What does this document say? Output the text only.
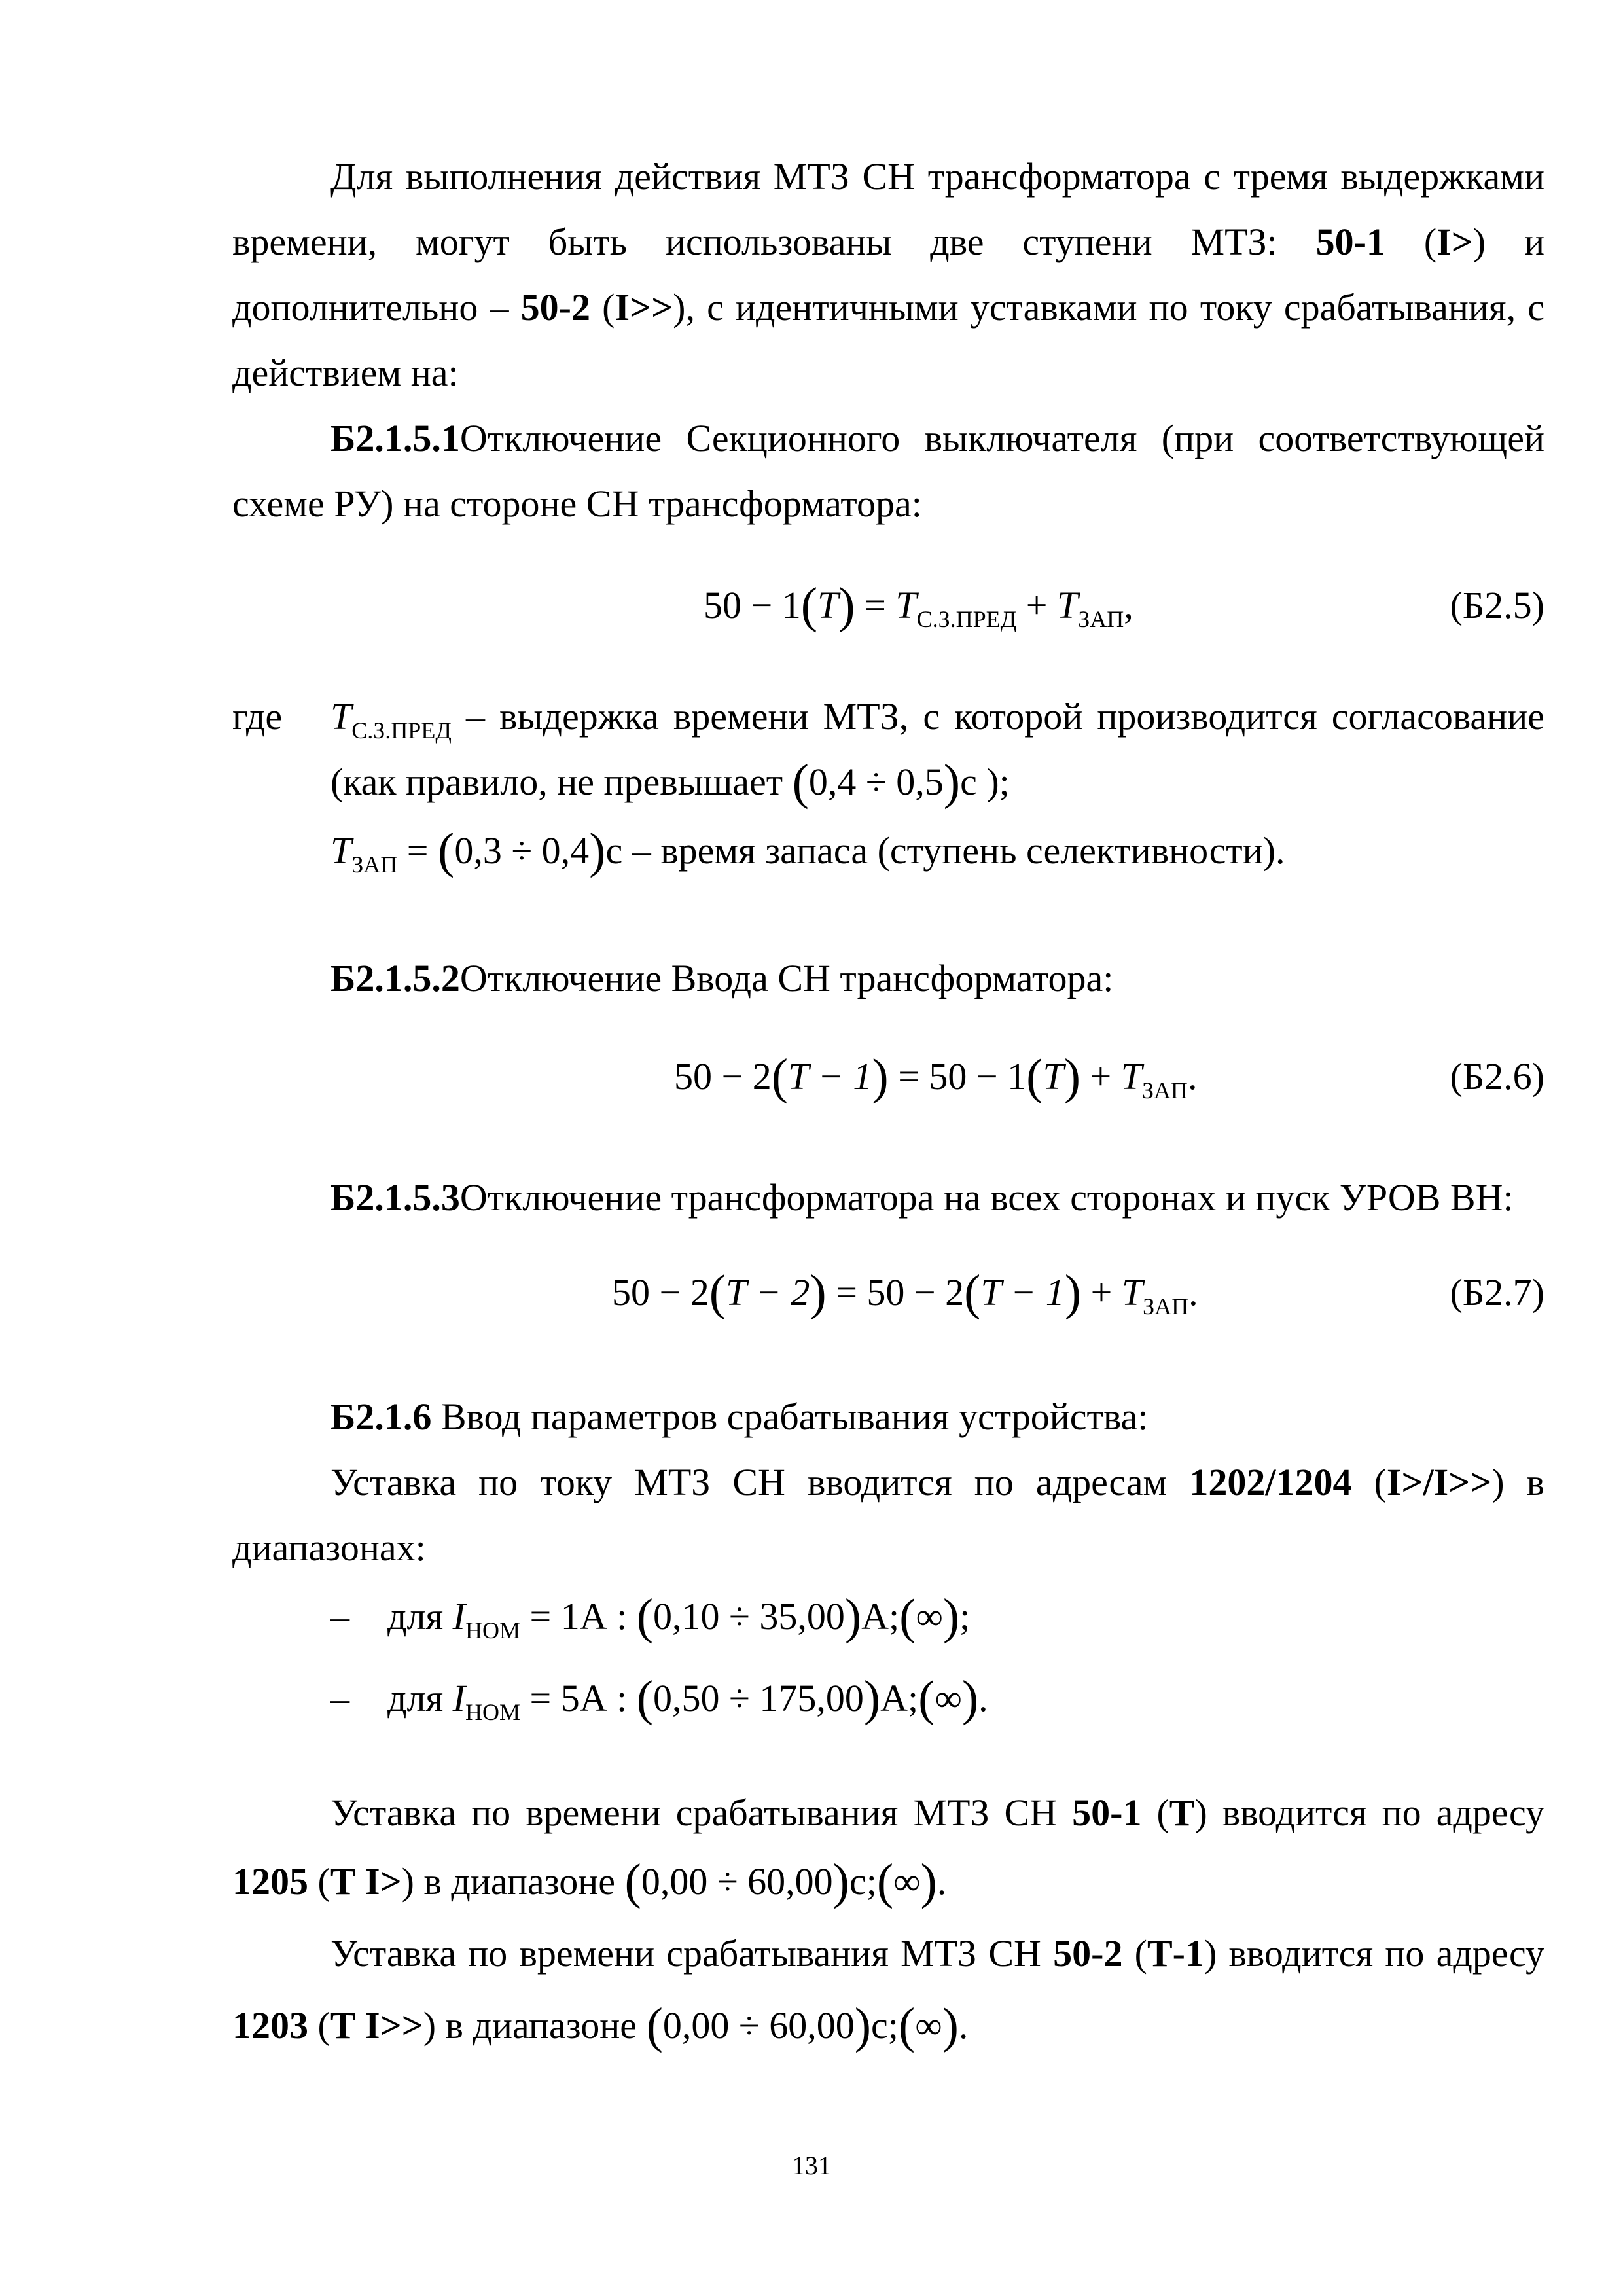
Для выполнения действия МТЗ СН трансформатора с тремя выдержками
времени, могут быть использованы две ступени МТЗ: 50-1 (I>) и
дополнительно – 50-2 (I>>), с идентичными уставками по току срабатывания, с
действием на:
Б2.1.5.1Отключение Секционного выключателя (при соответствующей
схеме РУ) на стороне СН трансформатора:
$50 - 1(T) = T_{С.З.ПРЕД} + T_{ЗАП}$,	(Б2.5)
где $T_{С.З.ПРЕД}$ – выдержка времени МТЗ, с которой производится согласование
(как правило, не превышает (0,4 ÷ 0,5)с );
$T_{ЗАП} = (0,3 \div 0,4)с$ – время запаса (ступень селективности).
Б2.1.5.2Отключение Ввода СН трансформатора:
$50 - 2(T - 1) = 50 - 1(T) + T_{ЗАП}$.	(Б2.6)
Б2.1.5.3Отключение трансформатора на всех сторонах и пуск УРОВ ВН:
$50 - 2(T - 2) = 50 - 2(T - 1) + T_{ЗАП}$.	(Б2.7)
Б2.1.6 Ввод параметров срабатывания устройства:
Уставка по току МТЗ СН вводится по адресам 1202/1204 (I>/I>>) в
диапазонах:
– для $I_{НОМ} = 1А$ : (0,10 ÷ 35,00)А;(∞);
– для $I_{НОМ} = 5А$ : (0,50 ÷ 175,00)А;(∞).
Уставка по времени срабатывания МТЗ СН 50-1 (Т) вводится по адресу
1205 (Т I>) в диапазоне (0,00 ÷ 60,00)с;(∞).
Уставка по времени срабатывания МТЗ СН 50-2 (Т-1) вводится по адресу
1203 (Т I>>) в диапазоне (0,00 ÷ 60,00)с;(∞).
131
